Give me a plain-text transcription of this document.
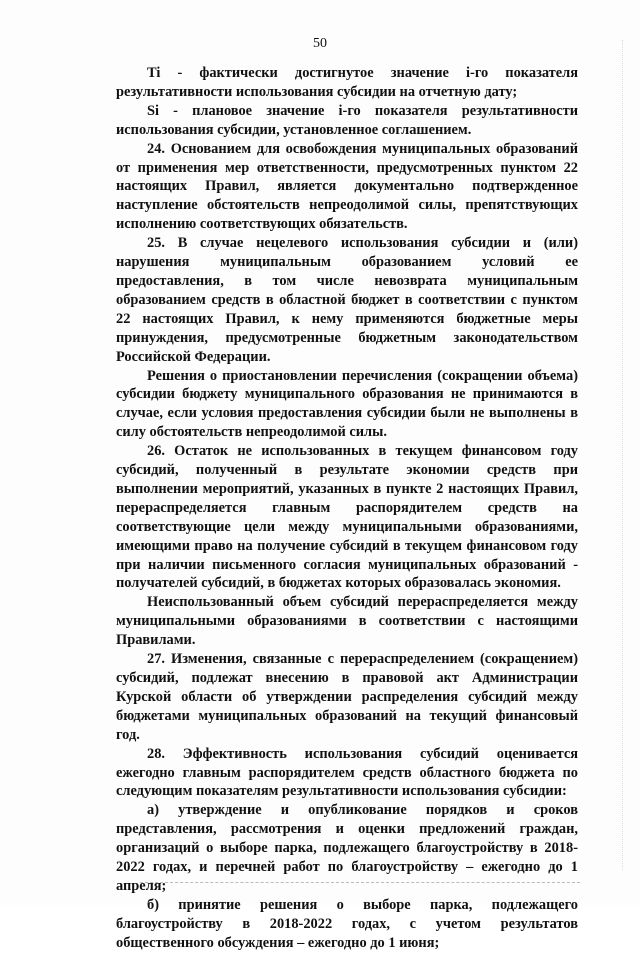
50

Ti - фактически достигнутое значение i-го показателя результативности использования субсидии на отчетную дату;

Si - плановое значение i-го показателя результативности использования субсидии, установленное соглашением.

24. Основанием для освобождения муниципальных образований от применения мер ответственности, предусмотренных пунктом 22 настоящих Правил, является документально подтвержденное наступление обстоятельств непреодолимой силы, препятствующих исполнению соответствующих обязательств.

25. В случае нецелевого использования субсидии и (или) нарушения муниципальным образованием условий ее предоставления, в том числе невозврата муниципальным образованием средств в областной бюджет в соответствии с пунктом 22 настоящих Правил, к нему применяются бюджетные меры принуждения, предусмотренные бюджетным законодательством Российской Федерации.

Решения о приостановлении перечисления (сокращении объема) субсидии бюджету муниципального образования не принимаются в случае, если условия предоставления субсидии были не выполнены в силу обстоятельств непреодолимой силы.

26. Остаток не использованных в текущем финансовом году субсидий, полученный в результате экономии средств при выполнении мероприятий, указанных в пункте 2 настоящих Правил, перераспределяется главным распорядителем средств на соответствующие цели между муниципальными образованиями, имеющими право на получение субсидий в текущем финансовом году при наличии письменного согласия муниципальных образований - получателей субсидий, в бюджетах которых образовалась экономия.

Неиспользованный объем субсидий перераспределяется между муниципальными образованиями в соответствии с настоящими Правилами.

27. Изменения, связанные с перераспределением (сокращением) субсидий, подлежат внесению в правовой акт Администрации Курской области об утверждении распределения субсидий между бюджетами муниципальных образований на текущий финансовый год.

28. Эффективность использования субсидий оценивается ежегодно главным распорядителем средств областного бюджета по следующим показателям результативности использования субсидии:

а) утверждение и опубликование порядков и сроков представления, рассмотрения и оценки предложений граждан, организаций о выборе парка, подлежащего благоустройству в 2018-2022 годах, и перечней работ по благоустройству – ежегодно до 1 апреля;

б) принятие решения о выборе парка, подлежащего благоустройству в 2018-2022 годах, с учетом результатов общественного обсуждения – ежегодно до 1 июня;
